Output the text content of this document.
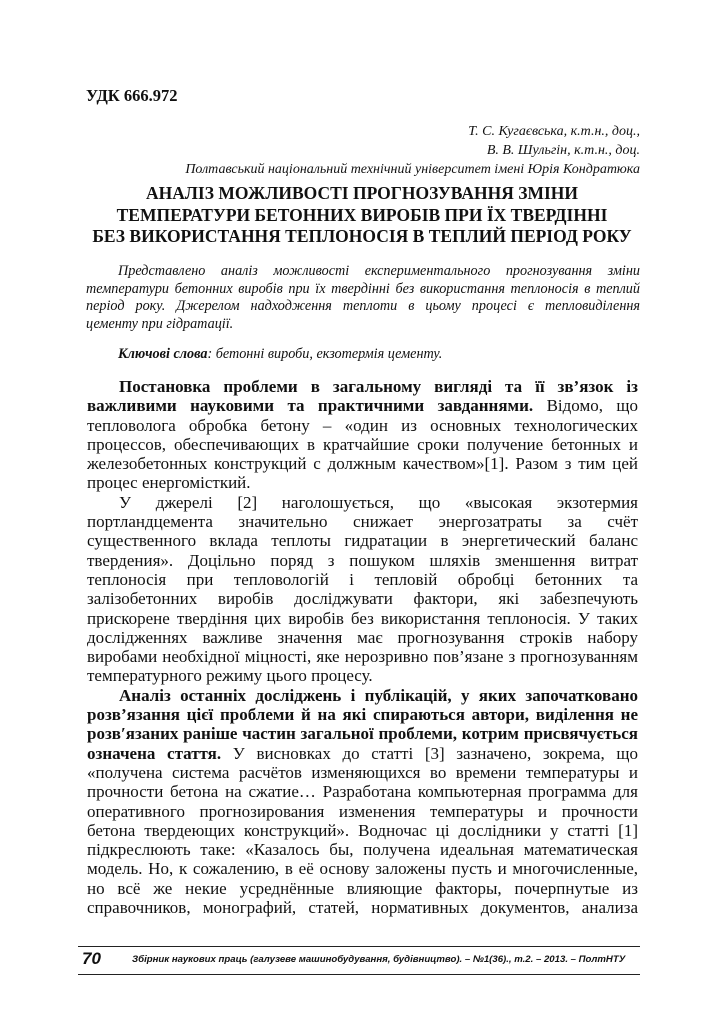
УДК 666.972
Т. С. Кугаєвська, к.т.н., доц.,
В. В. Шульгін, к.т.н., доц.
Полтавський національний технічний університет імені Юрія Кондратюка
АНАЛІЗ МОЖЛИВОСТІ ПРОГНОЗУВАННЯ ЗМІНИ
ТЕМПЕРАТУРИ БЕТОННИХ ВИРОБІВ ПРИ ЇХ ТВЕРДІННІ
БЕЗ ВИКОРИСТАННЯ ТЕПЛОНОСІЯ В ТЕПЛИЙ ПЕРІОД РОКУ
Представлено аналіз можливості експериментального прогнозування зміни
температури бетонних виробів при їх твердінні без використання теплоносія в теплий
період року. Джерелом надходження теплоти в цьому процесі є тепловиділення
цементу при гідратації.
Ключові слова: бетонні вироби, екзотермія цементу.
Постановка проблеми в загальному вигляді та її зв’язок із
важливими науковими та практичними завданнями. Відомо, що
тепловолога обробка бетону – «один из основных технологических
процессов, обеспечивающих в кратчайшие сроки получение бетонных и
железобетонных конструкций с должным качеством»[1]. Разом з тим цей
процес енергомісткий.
У джерелі [2] наголошується, що «высокая экзотермия
портландцемента значительно снижает энергозатраты за счёт
существенного вклада теплоты гидратации в энергетический баланс
твердения». Доцільно поряд з пошуком шляхів зменшення витрат
теплоносія при тепловологій і тепловій обробці бетонних та
залізобетонних виробів досліджувати фактори, які забезпечують
прискорене твердіння цих виробів без використання теплоносія. У таких
дослідженнях важливе значення має прогнозування строків набору
виробами необхідної міцності, яке нерозривно пов’язане з прогнозуванням
температурного режиму цього процесу.
Аналіз останніх досліджень і публікацій, у яких започатковано
розв’язання цієї проблеми й на які спираються автори, виділення не
розв′язаних раніше частин загальної проблеми, котрим присвячується
означена стаття. У висновках до статті [3] зазначено, зокрема, що
«получена система расчётов изменяющихся во времени температуры и
прочности бетона на сжатие… Разработана компьютерная программа для
оперативного прогнозирования изменения температуры и прочности
бетона твердеющих конструкций». Водночас ці дослідники у статті [1]
підкреслюють таке: «Казалось бы, получена идеальная математическая
модель. Но, к сожалению, в её основу заложены пусть и многочисленные,
но всё же некие усреднённые влияющие факторы, почерпнутые из
справочников, монографий, статей, нормативных документов, анализа
70	Збірник наукових праць (галузеве машинобудування, будівництво). – №1(36)., т.2. – 2013. – ПолтНТУ
